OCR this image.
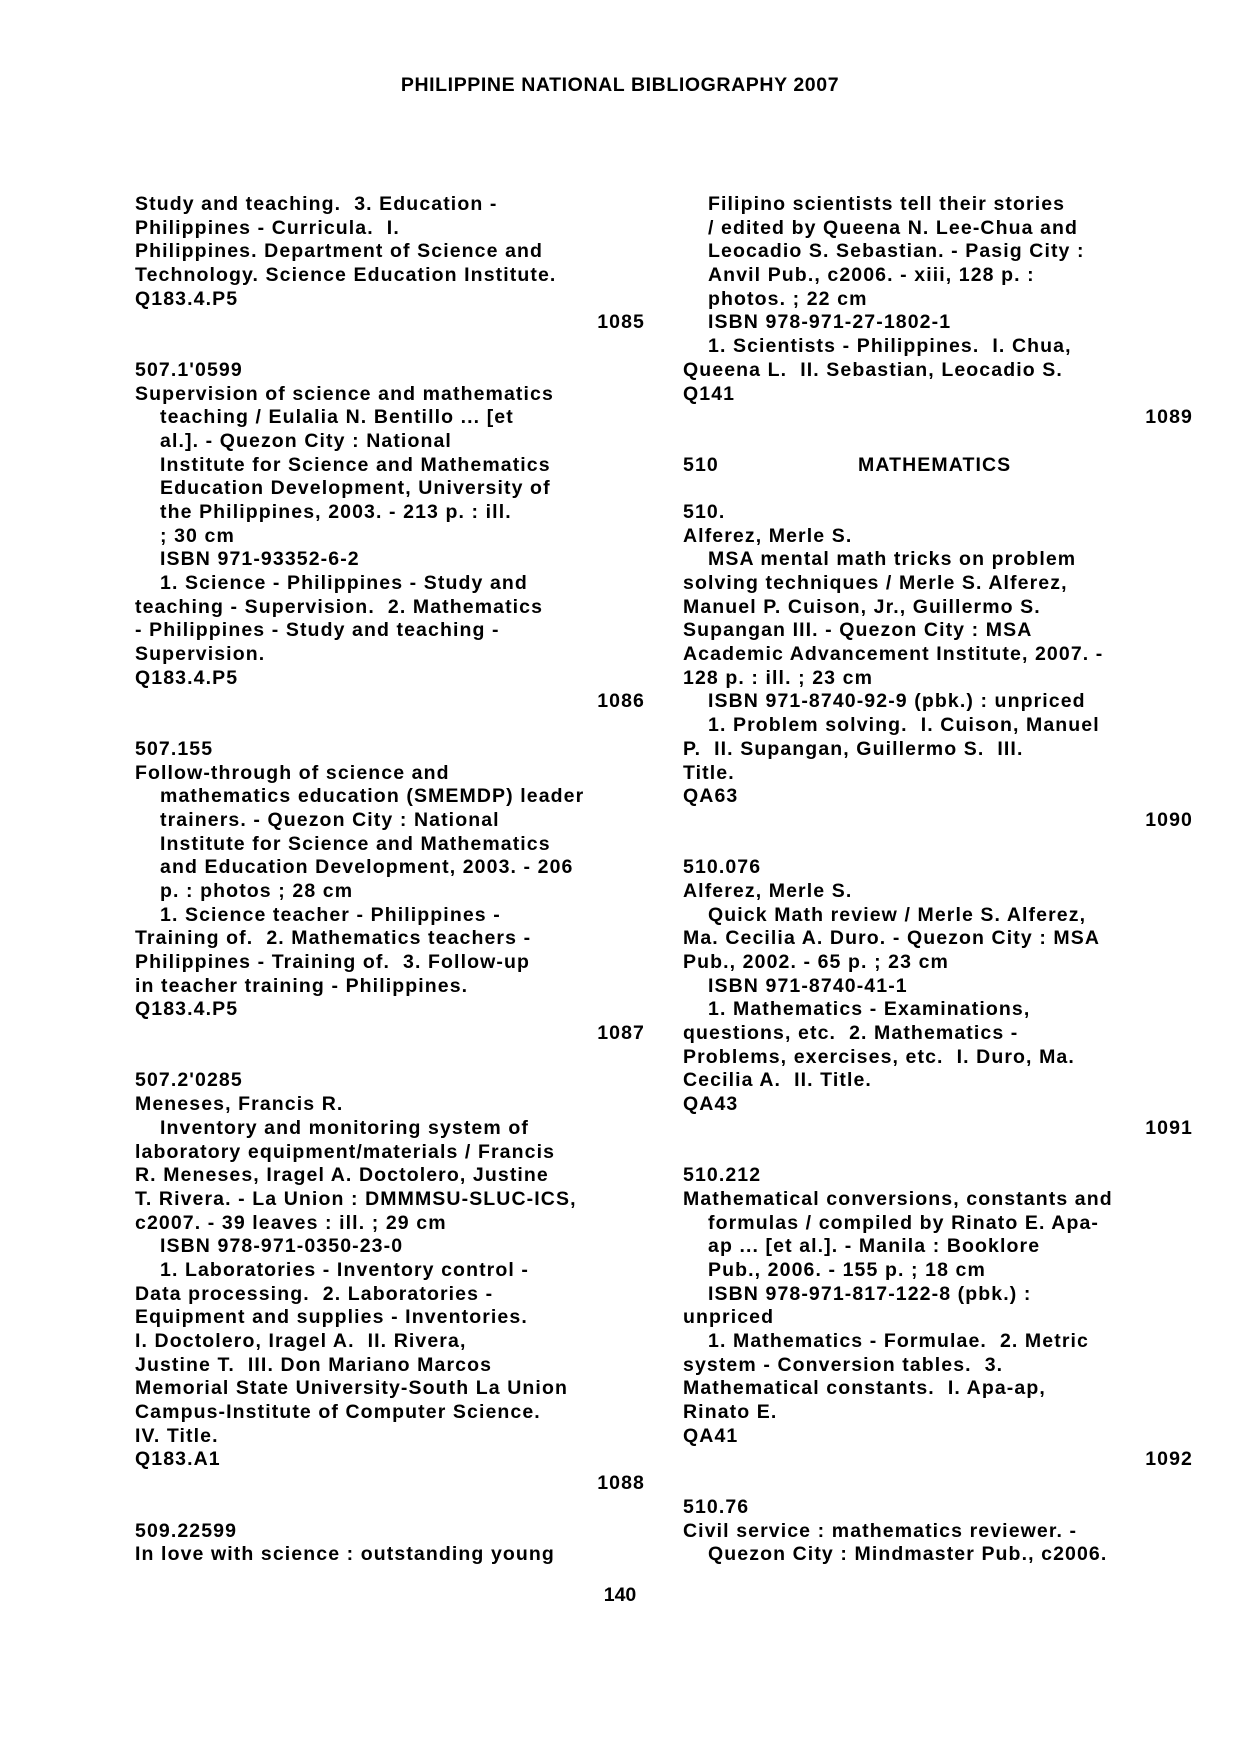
PHILIPPINE NATIONAL BIBLIOGRAPHY 2007
Study and teaching.  3. Education -
Philippines - Curricula.  I.
Philippines. Department of Science and
Technology. Science Education Institute.
Q183.4.P5
1085
507.1'0599
Supervision of science and mathematics
teaching / Eulalia N. Bentillo ... [et
al.]. - Quezon City : National
Institute for Science and Mathematics
Education Development, University of
the Philippines, 2003. - 213 p. : ill.
; 30 cm
ISBN 971-93352-6-2
1. Science - Philippines - Study and
teaching - Supervision.  2. Mathematics
- Philippines - Study and teaching -
Supervision.
Q183.4.P5
1086
507.155
Follow-through of science and
mathematics education (SMEMDP) leader
trainers. - Quezon City : National
Institute for Science and Mathematics
and Education Development, 2003. - 206
p. : photos ; 28 cm
1. Science teacher - Philippines -
Training of.  2. Mathematics teachers -
Philippines - Training of.  3. Follow-up
in teacher training - Philippines.
Q183.4.P5
1087
507.2'0285
Meneses, Francis R.
Inventory and monitoring system of
laboratory equipment/materials / Francis
R. Meneses, Iragel A. Doctolero, Justine
T. Rivera. - La Union : DMMMSU-SLUC-ICS,
c2007. - 39 leaves : ill. ; 29 cm
ISBN 978-971-0350-23-0
1. Laboratories - Inventory control -
Data processing.  2. Laboratories -
Equipment and supplies - Inventories.
I. Doctolero, Iragel A.  II. Rivera,
Justine T.  III. Don Mariano Marcos
Memorial State University-South La Union
Campus-Institute of Computer Science.
IV. Title.
Q183.A1
1088
509.22599
In love with science : outstanding young
Filipino scientists tell their stories
/ edited by Queena N. Lee-Chua and
Leocadio S. Sebastian. - Pasig City :
Anvil Pub., c2006. - xiii, 128 p. :
photos. ; 22 cm
ISBN 978-971-27-1802-1
1. Scientists - Philippines.  I. Chua,
Queena L.  II. Sebastian, Leocadio S.
Q141
1089
510	MATHEMATICS
510.
Alferez, Merle S.
MSA mental math tricks on problem
solving techniques / Merle S. Alferez,
Manuel P. Cuison, Jr., Guillermo S.
Supangan III. - Quezon City : MSA
Academic Advancement Institute, 2007. -
128 p. : ill. ; 23 cm
ISBN 971-8740-92-9 (pbk.) : unpriced
1. Problem solving.  I. Cuison, Manuel
P.  II. Supangan, Guillermo S.  III.
Title.
QA63
1090
510.076
Alferez, Merle S.
Quick Math review / Merle S. Alferez,
Ma. Cecilia A. Duro. - Quezon City : MSA
Pub., 2002. - 65 p. ; 23 cm
ISBN 971-8740-41-1
1. Mathematics - Examinations,
questions, etc.  2. Mathematics -
Problems, exercises, etc.  I. Duro, Ma.
Cecilia A.  II. Title.
QA43
1091
510.212
Mathematical conversions, constants and
formulas / compiled by Rinato E. Apa-
ap ... [et al.]. - Manila : Booklore
Pub., 2006. - 155 p. ; 18 cm
ISBN 978-971-817-122-8 (pbk.) :
unpriced
1. Mathematics - Formulae.  2. Metric
system - Conversion tables.  3.
Mathematical constants.  I. Apa-ap,
Rinato E.
QA41
1092
510.76
Civil service : mathematics reviewer. -
Quezon City : Mindmaster Pub., c2006.
140
